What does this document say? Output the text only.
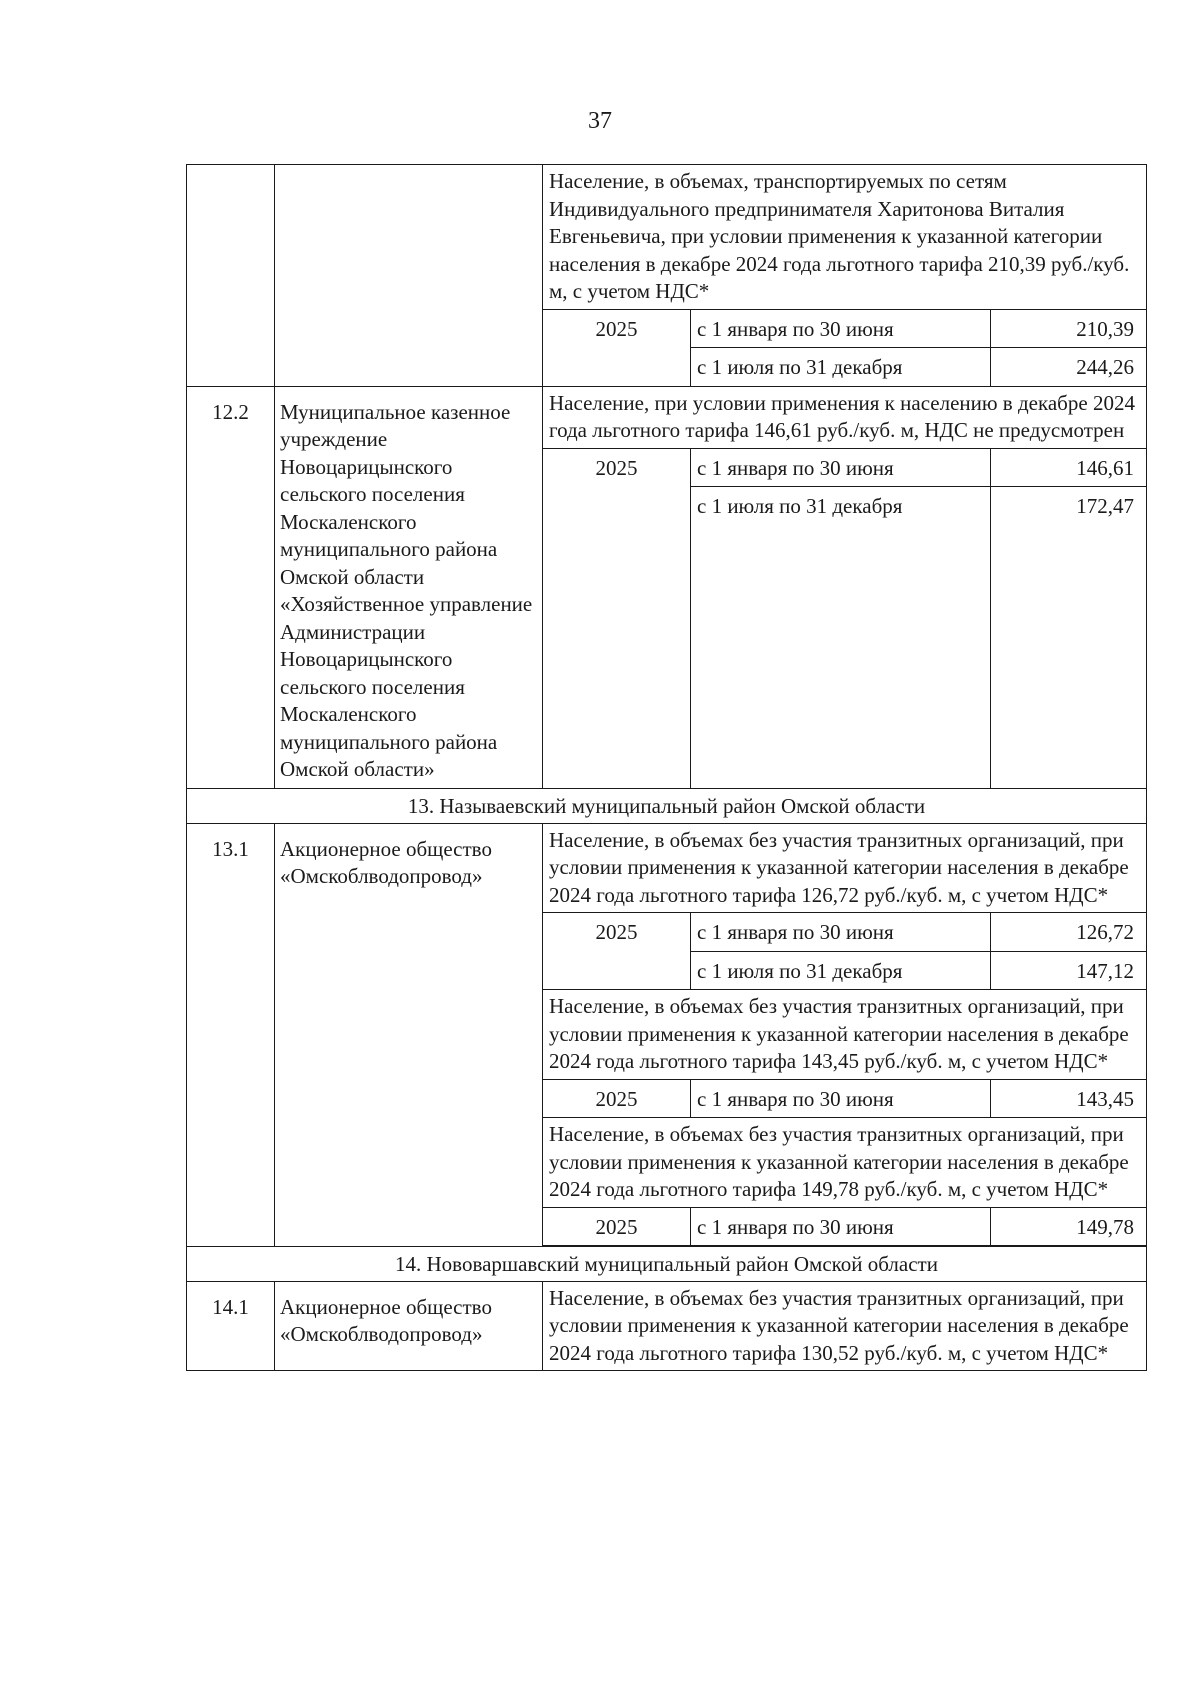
37
		Население, в объемах, транспортируемых по сетям Индивидуального предпринимателя Харитонова Виталия Евгеньевича, при условии применения к указанной категории населения в декабре 2024 года льготного тарифа 210,39 руб./куб. м, с учетом НДС*		
		2025	с 1 января по 30 июня	210,39
			с 1 июля по 31 декабря	244,26
12.2	Муниципальное казенное учреждение Новоцарицынского сельского поселения Москаленского муниципального района Омской области «Хозяйственное управление Администрации Новоцарицынского сельского поселения Москаленского муниципального района Омской области»	Население, при условии применения к населению в декабре 2024 года льготного тарифа 146,61 руб./куб. м, НДС не предусмотрен		
		2025	с 1 января по 30 июня	146,61
			с 1 июля по 31 декабря	172,47
13. Называевский муниципальный район Омской области				
13.1	Акционерное общество «Омскоблводопровод»	Население, в объемах без участия транзитных организаций, при условии применения к указанной категории населения в декабре 2024 года льготного тарифа 126,72 руб./куб. м, с учетом НДС*		
		2025	с 1 января по 30 июня	126,72
			с 1 июля по 31 декабря	147,12
		Население, в объемах без участия транзитных организаций, при условии применения к указанной категории населения в декабре 2024 года льготного тарифа 143,45 руб./куб. м, с учетом НДС*		
		2025	с 1 января по 30 июня	143,45
		Население, в объемах без участия транзитных организаций, при условии применения к указанной категории населения в декабре 2024 года льготного тарифа 149,78 руб./куб. м, с учетом НДС*		
		2025	с 1 января по 30 июня	149,78

14. Нововаршавский муниципальный район Омской области				
14.1	Акционерное общество «Омскоблводопровод»	Население, в объемах без участия транзитных организаций, при условии применения к указанной категории населения в декабре 2024 года льготного тарифа 130,52 руб./куб. м, с учетом НДС*		
